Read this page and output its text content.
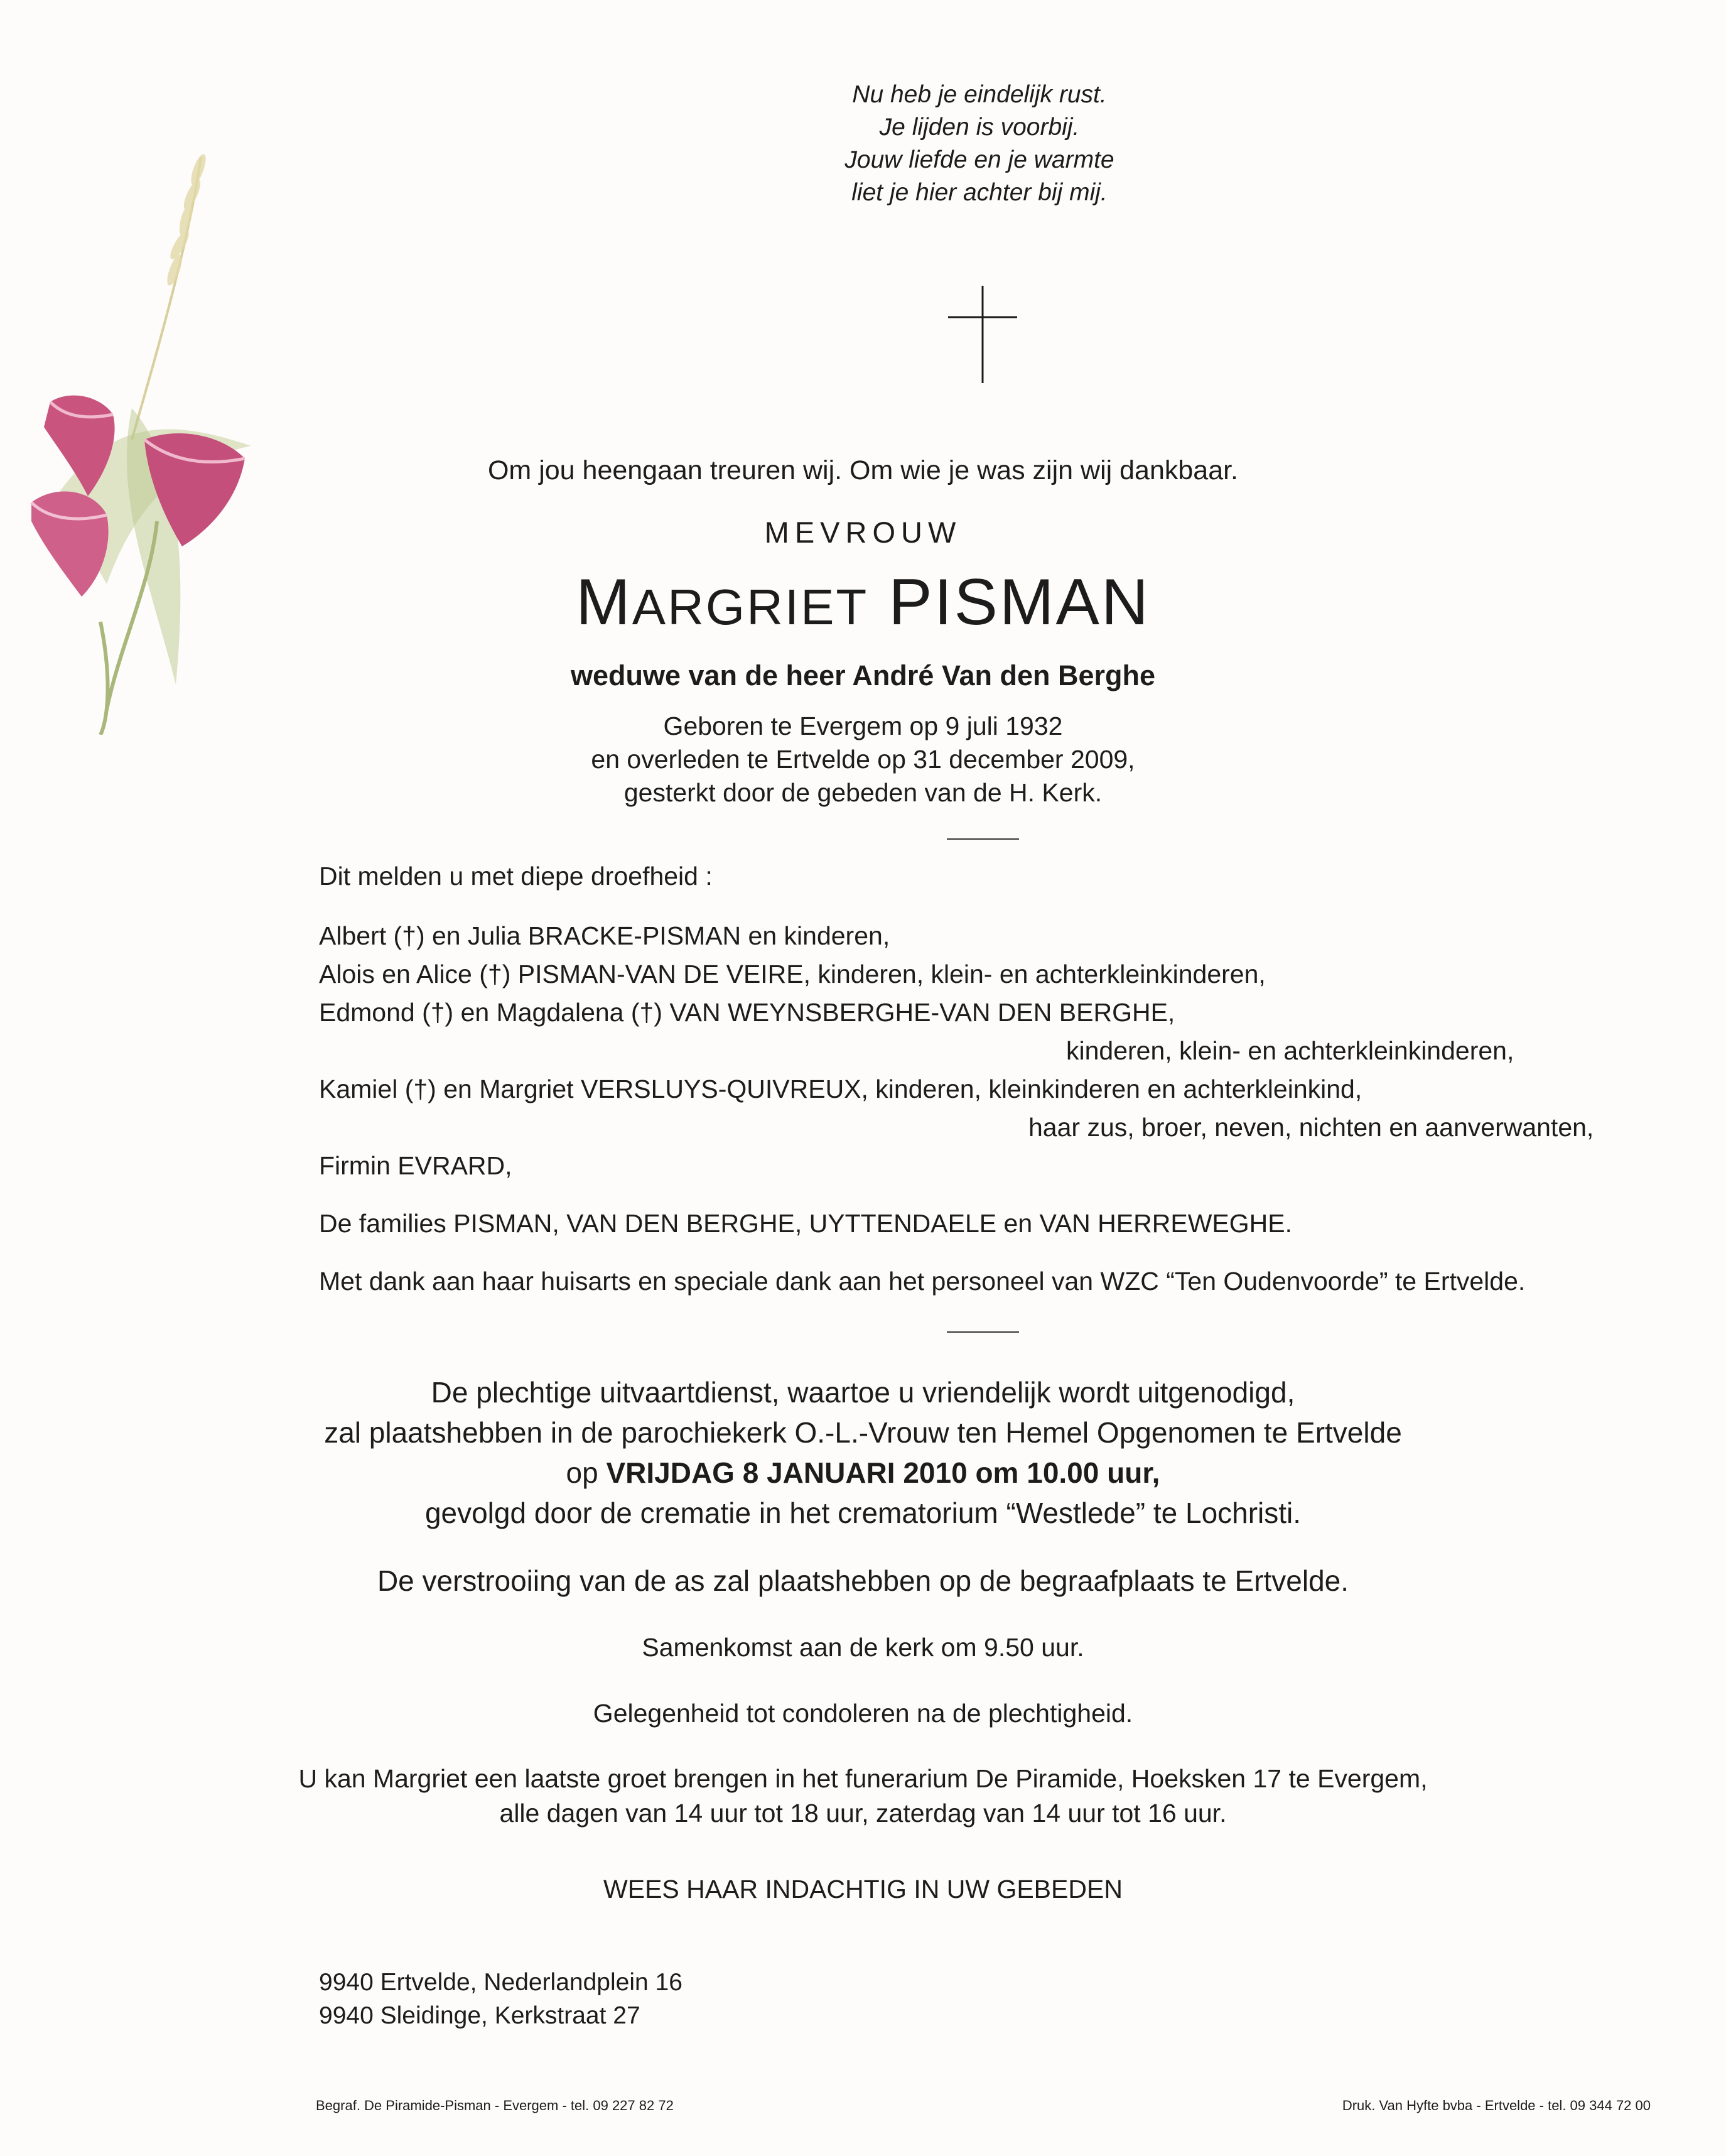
Nu heb je eindelijk rust.
Je lijden is voorbij.
Jouw liefde en je warmte
liet je hier achter bij mij.
Om jou heengaan treuren wij. Om wie je was zijn wij dankbaar.
MEVROUW
MARGRIET PISMAN
weduwe van de heer André Van den Berghe
Geboren te Evergem op 9 juli 1932
en overleden te Ertvelde op 31 december 2009,
gesterkt door de gebeden van de H. Kerk.
Dit melden u met diepe droefheid :
Albert (†) en Julia BRACKE-PISMAN en kinderen,
Alois en Alice (†) PISMAN-VAN DE VEIRE, kinderen, klein- en achterkleinkinderen,
Edmond (†) en Magdalena (†) VAN WEYNSBERGHE-VAN DEN BERGHE,
kinderen, klein- en achterkleinkinderen,
Kamiel (†) en Margriet VERSLUYS-QUIVREUX, kinderen, kleinkinderen en achterkleinkind,
haar zus, broer, neven, nichten en aanverwanten,
Firmin EVRARD,
De families PISMAN, VAN DEN BERGHE, UYTTENDAELE en VAN HERREWEGHE.
Met dank aan haar huisarts en speciale dank aan het personeel van WZC “Ten Oudenvoorde” te Ertvelde.
De plechtige uitvaartdienst, waartoe u vriendelijk wordt uitgenodigd,
zal plaatshebben in de parochiekerk O.-L.-Vrouw ten Hemel Opgenomen te Ertvelde
op VRIJDAG 8 JANUARI 2010 om 10.00 uur,
gevolgd door de crematie in het crematorium “Westlede” te Lochristi.
De verstrooiing van de as zal plaatshebben op de begraafplaats te Ertvelde.
Samenkomst aan de kerk om 9.50 uur.
Gelegenheid tot condoleren na de plechtigheid.
U kan Margriet een laatste groet brengen in het funerarium De Piramide, Hoeksken 17 te Evergem,
alle dagen van 14 uur tot 18 uur, zaterdag van 14 uur tot 16 uur.
WEES HAAR INDACHTIG IN UW GEBEDEN
9940 Ertvelde, Nederlandplein 16
9940 Sleidinge, Kerkstraat 27
Begraf. De Piramide-Pisman - Evergem - tel. 09 227 82 72	Druk. Van Hyfte bvba - Ertvelde - tel. 09 344 72 00
